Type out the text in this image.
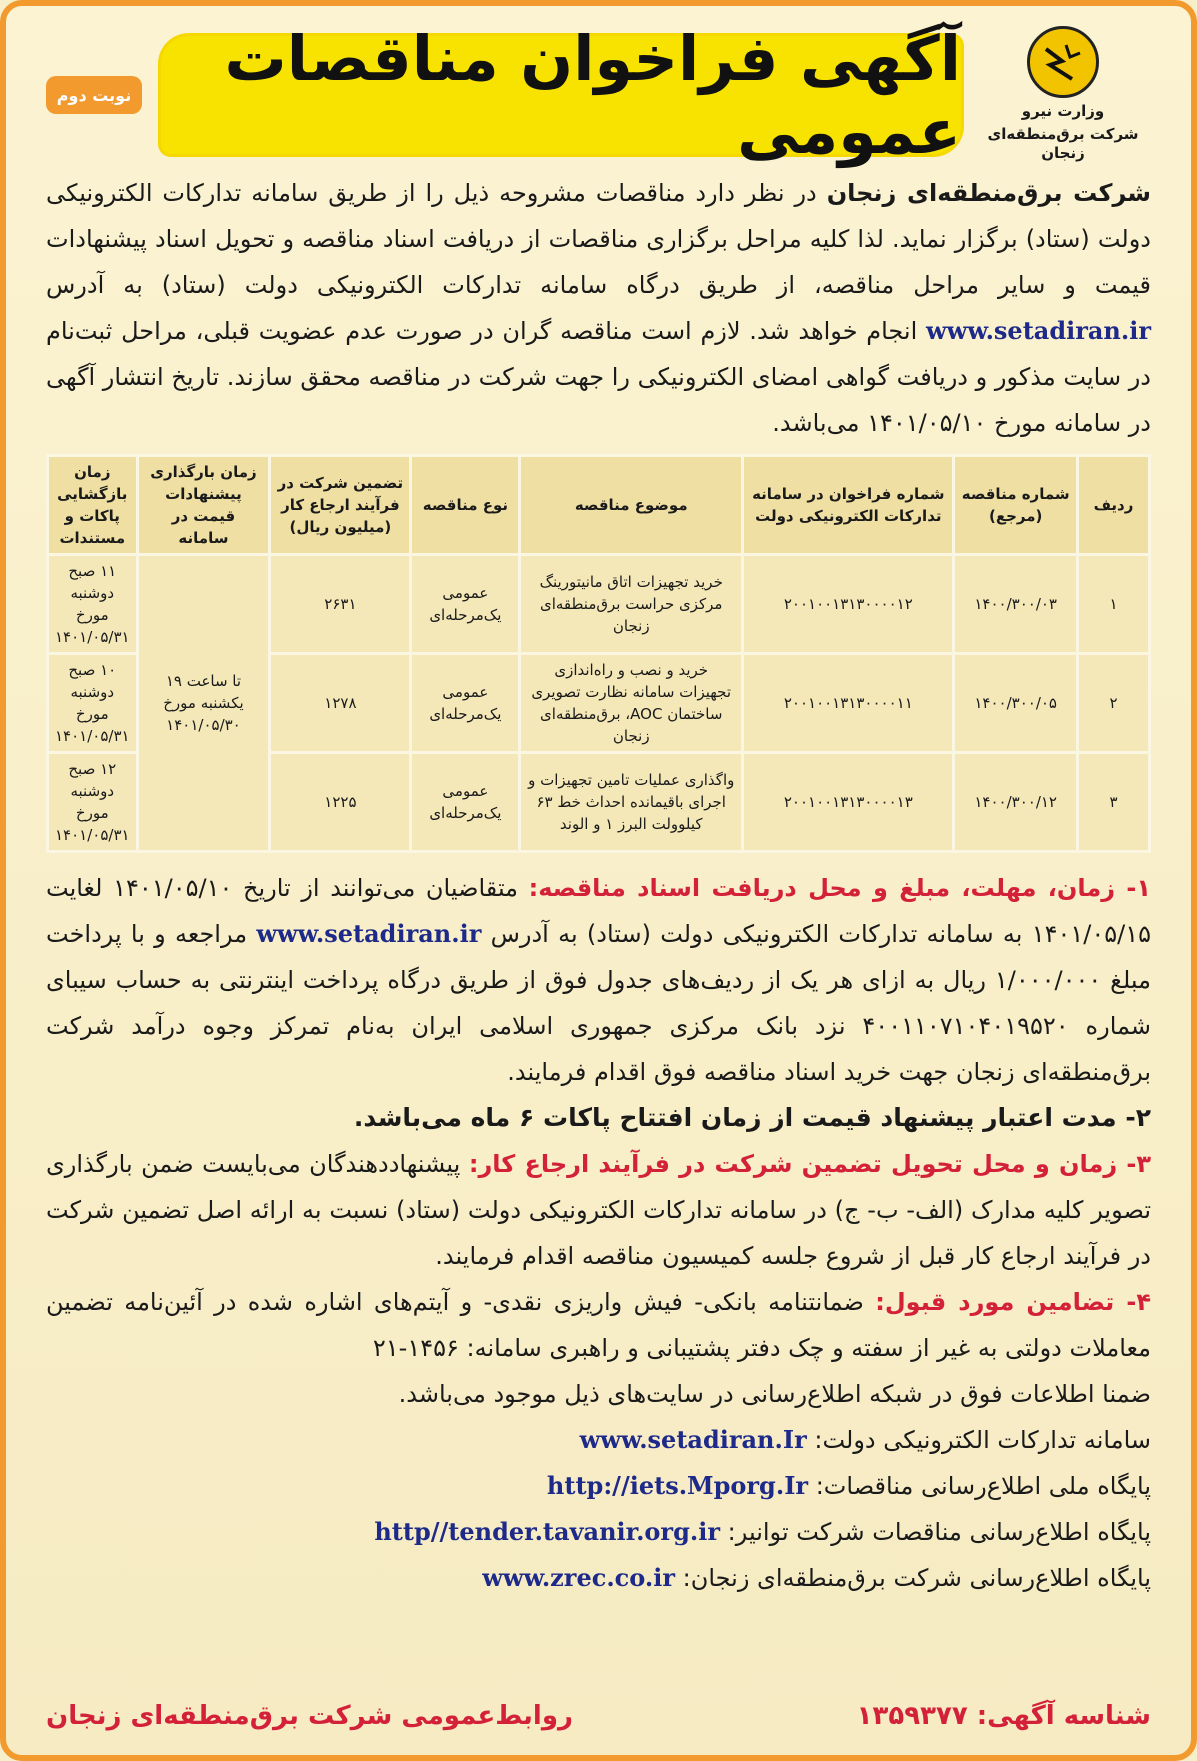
وزارت نیرو
شرکت برق‌منطقه‌ای زنجان
آگهی فراخوان مناقصات عمومی
نوبت دوم
شرکت برق‌منطقه‌ای زنجان در نظر دارد مناقصات مشروحه ذیل را از طریق سامانه تدارکات الکترونیکی دولت (ستاد) برگزار نماید. لذا کلیه مراحل برگزاری مناقصات از دریافت اسناد مناقصه و تحویل اسناد پیشنهادات قیمت و سایر مراحل مناقصه، از طریق درگاه سامانه تدارکات الکترونیکی دولت (ستاد) به آدرس www.setadiran.ir انجام خواهد شد. لازم است مناقصه گران در صورت عدم عضویت قبلی، مراحل ثبت‌نام در سایت مذکور و دریافت گواهی امضای الکترونیکی را جهت شرکت در مناقصه محقق سازند. تاریخ انتشار آگهی در سامانه مورخ ۱۴۰۱/۰۵/۱۰ می‌باشد.
ردیف	شماره مناقصه (مرجع)	شماره فراخوان در سامانه تدارکات الکترونیکی دولت	موضوع مناقصه	نوع مناقصه	تضمین شرکت در فرآیند ارجاع کار (میلیون ریال)	زمان بارگذاری پیشنهادات قیمت در سامانه	زمان بازگشایی پاکات و مستندات
۱	۱۴۰۰/۳۰۰/۰۳	۲۰۰۱۰۰۱۳۱۳۰۰۰۰۱۲	خرید تجهیزات اتاق مانیتورینگ مرکزی حراست برق‌منطقه‌ای زنجان	عمومی یک‌مرحله‌ای	۲۶۳۱	تا ساعت ۱۹ یکشنبه مورخ ۱۴۰۱/۰۵/۳۰	۱۱ صبح دوشنبه مورخ ۱۴۰۱/۰۵/۳۱
۲	۱۴۰۰/۳۰۰/۰۵	۲۰۰۱۰۰۱۳۱۳۰۰۰۰۱۱	خرید و نصب و راه‌اندازی تجهیزات سامانه نظارت تصویری ساختمان AOC، برق‌منطقه‌ای زنجان	عمومی یک‌مرحله‌ای	۱۲۷۸		۱۰ صبح دوشنبه مورخ ۱۴۰۱/۰۵/۳۱
۳	۱۴۰۰/۳۰۰/۱۲	۲۰۰۱۰۰۱۳۱۳۰۰۰۰۱۳	واگذاری عملیات تامین تجهیزات و اجرای باقیمانده احداث خط ۶۳ کیلوولت البرز ۱ و الوند	عمومی یک‌مرحله‌ای	۱۲۲۵		۱۲ صبح دوشنبه مورخ ۱۴۰۱/۰۵/۳۱
۱- زمان، مهلت، مبلغ و محل دریافت اسناد مناقصه: متقاضیان می‌توانند از تاریخ ۱۴۰۱/۰۵/۱۰ لغایت ۱۴۰۱/۰۵/۱۵ به سامانه تدارکات الکترونیکی دولت (ستاد) به آدرس www.setadiran.ir مراجعه و با پرداخت مبلغ ۱/۰۰۰/۰۰۰ ریال به ازای هر یک از ردیف‌های جدول فوق از طریق درگاه پرداخت اینترنتی به حساب سیبای شماره ۴۰۰۱۱۰۷۱۰۴۰۱۹۵۲۰ نزد بانک مرکزی جمهوری اسلامی ایران به‌نام تمرکز وجوه درآمد شرکت برق‌منطقه‌ای زنجان جهت خرید اسناد مناقصه فوق اقدام فرمایند.
۲- مدت اعتبار پیشنهاد قیمت از زمان افتتاح پاکات ۶ ماه می‌باشد.
۳- زمان و محل تحویل تضمین شرکت در فرآیند ارجاع کار: پیشنهاددهندگان می‌بایست ضمن بارگذاری تصویر کلیه مدارک (الف- ب- ج) در سامانه تدارکات الکترونیکی دولت (ستاد) نسبت به ارائه اصل تضمین شرکت در فرآیند ارجاع کار قبل از شروع جلسه کمیسیون مناقصه اقدام فرمایند.
۴- تضامین مورد قبول: ضمانتنامه بانکی- فیش واریزی نقدی- و آیتم‌های اشاره شده در آئین‌نامه تضمین معاملات دولتی به غیر از سفته و چک دفتر پشتیبانی و راهبری سامانه: ۱۴۵۶-۲۱
ضمنا اطلاعات فوق در شبکه اطلاع‌رسانی در سایت‌های ذیل موجود می‌باشد.
سامانه تدارکات الکترونیکی دولت: www.setadiran.Ir
پایگاه ملی اطلاع‌رسانی مناقصات: http://iets.Mporg.Ir
پایگاه اطلاع‌رسانی مناقصات شرکت توانیر: http//tender.tavanir.org.ir
پایگاه اطلاع‌رسانی شرکت برق‌منطقه‌ای زنجان: www.zrec.co.ir
شناسه آگهی: ۱۳۵۹۳۷۷
روابط‌عمومی شرکت برق‌منطقه‌ای زنجان
